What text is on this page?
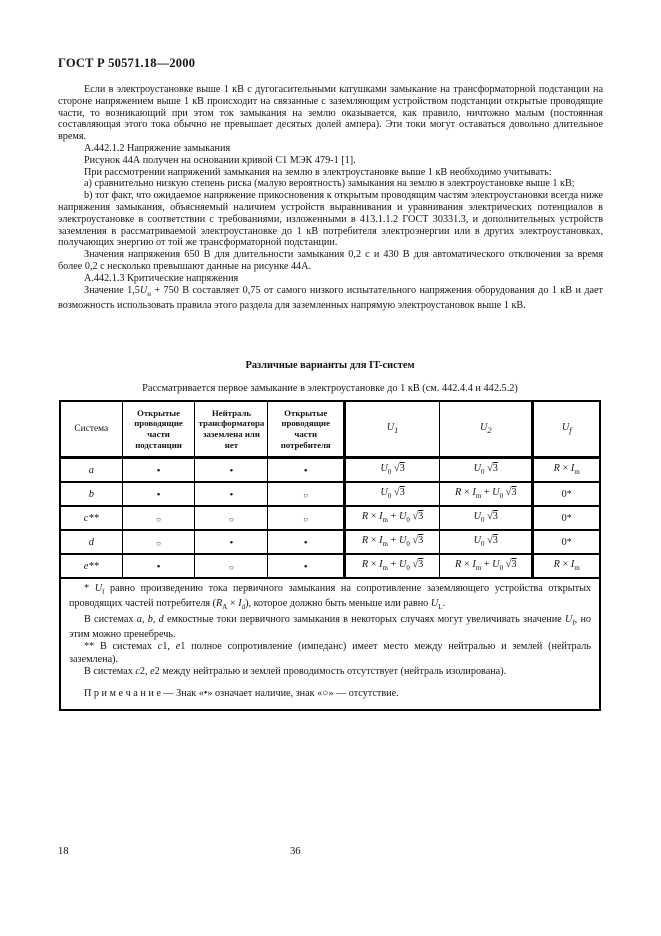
ГОСТ Р 50571.18—2000

Если в электроустановке выше 1 кВ с дугогасительными катушками замыкание на трансформаторной подстанции на стороне напряжением выше 1 кВ происходит на связанные с заземляющим устройством подстанции открытые проводящие части, то возникающий при этом ток замыкания на землю оказывается, как правило, ничтожно малым (постоянная составляющая этого тока обычно не превышает десятых долей ампера). Эти токи могут оставаться довольно длительное время.

А.442.1.2 Напряжение замыкания

Рисунок 44А получен на основании кривой С1 МЭК 479-1 [1].

При рассмотрении напряжений замыкания на землю в электроустановке выше 1 кВ необходимо учитывать:

а) сравнительно низкую степень риска (малую вероятность) замыкания на землю в электроустановке выше 1 кВ;

b) тот факт, что ожидаемое напряжение прикосновения к открытым проводящим частям электроустановки всегда ниже напряжения замыкания, объясняемый наличием устройств выравнивания и уравнивания электрических потенциалов в электроустановке в соответствии с требованиями, изложенными в 413.1.1.2 ГОСТ 30331.3, и дополнительных устройств заземления в рассматриваемой электроустановке до 1 кВ потребителя электроэнергии или в других электроустановках, получающих энергию от той же трансформаторной подстанции.

Значения напряжения 650 В для длительности замыкания 0,2 с и 430 В для автоматического отключения за время более 0,2 с несколько превышают данные на рисунке 44А.

А.442.1.3 Критические напряжения

Значение $1,5U_н + 750$ В составляет 0,75 от самого низкого испытательного напряжения оборудования до 1 кВ и дает возможность использовать правила этого раздела для заземленных напрямую электроустановок выше 1 кВ.

Различные варианты для IT-систем

Рассматривается первое замыкание в электроустановке до 1 кВ (см. 442.4.4 и 442.5.2)

Система	Открытые проводящие части подстанции	Нейтраль трансформатора заземлена или нет	Открытые проводящие части потребителя	$U_1$	$U_2$	$U_f$
a	•	•	•	$U_0$ √3	$U_0$ √3	$R \times I_m$
b	•	•	○	$U_0$ √3	$R \times I_m + U_0$ √3	0*
c**	○	○	○	$R \times I_m + U_0$ √3	$U_0$ √3	0*
d	○	•	•	$R \times I_m + U_0$ √3	$U_0$ √3	0*
e**	•	○	•	$R \times I_m + U_0$ √3	$R \times I_m + U_0$ √3	$R \times I_m$

* $U_f$ равно произведению тока первичного замыкания на сопротивление заземляющего устройства открытых проводящих частей потребителя $(R_A \times I_d)$, которое должно быть меньше или равно $U_L$.

В системах a, b, d емкостные токи первичного замыкания в некоторых случаях могут увеличивать значение $U_f$, но этим можно пренебречь.

** В системах c1, e1 полное сопротивление (импеданс) имеет место между нейтралью и землей (нейтраль заземлена).

В системах c2, e2 между нейтралью и землей проводимость отсутствует (нейтраль изолирована).

П р и м е ч а н и е — Знак «•» означает наличие, знак «○» — отсутствие.						

18	36
